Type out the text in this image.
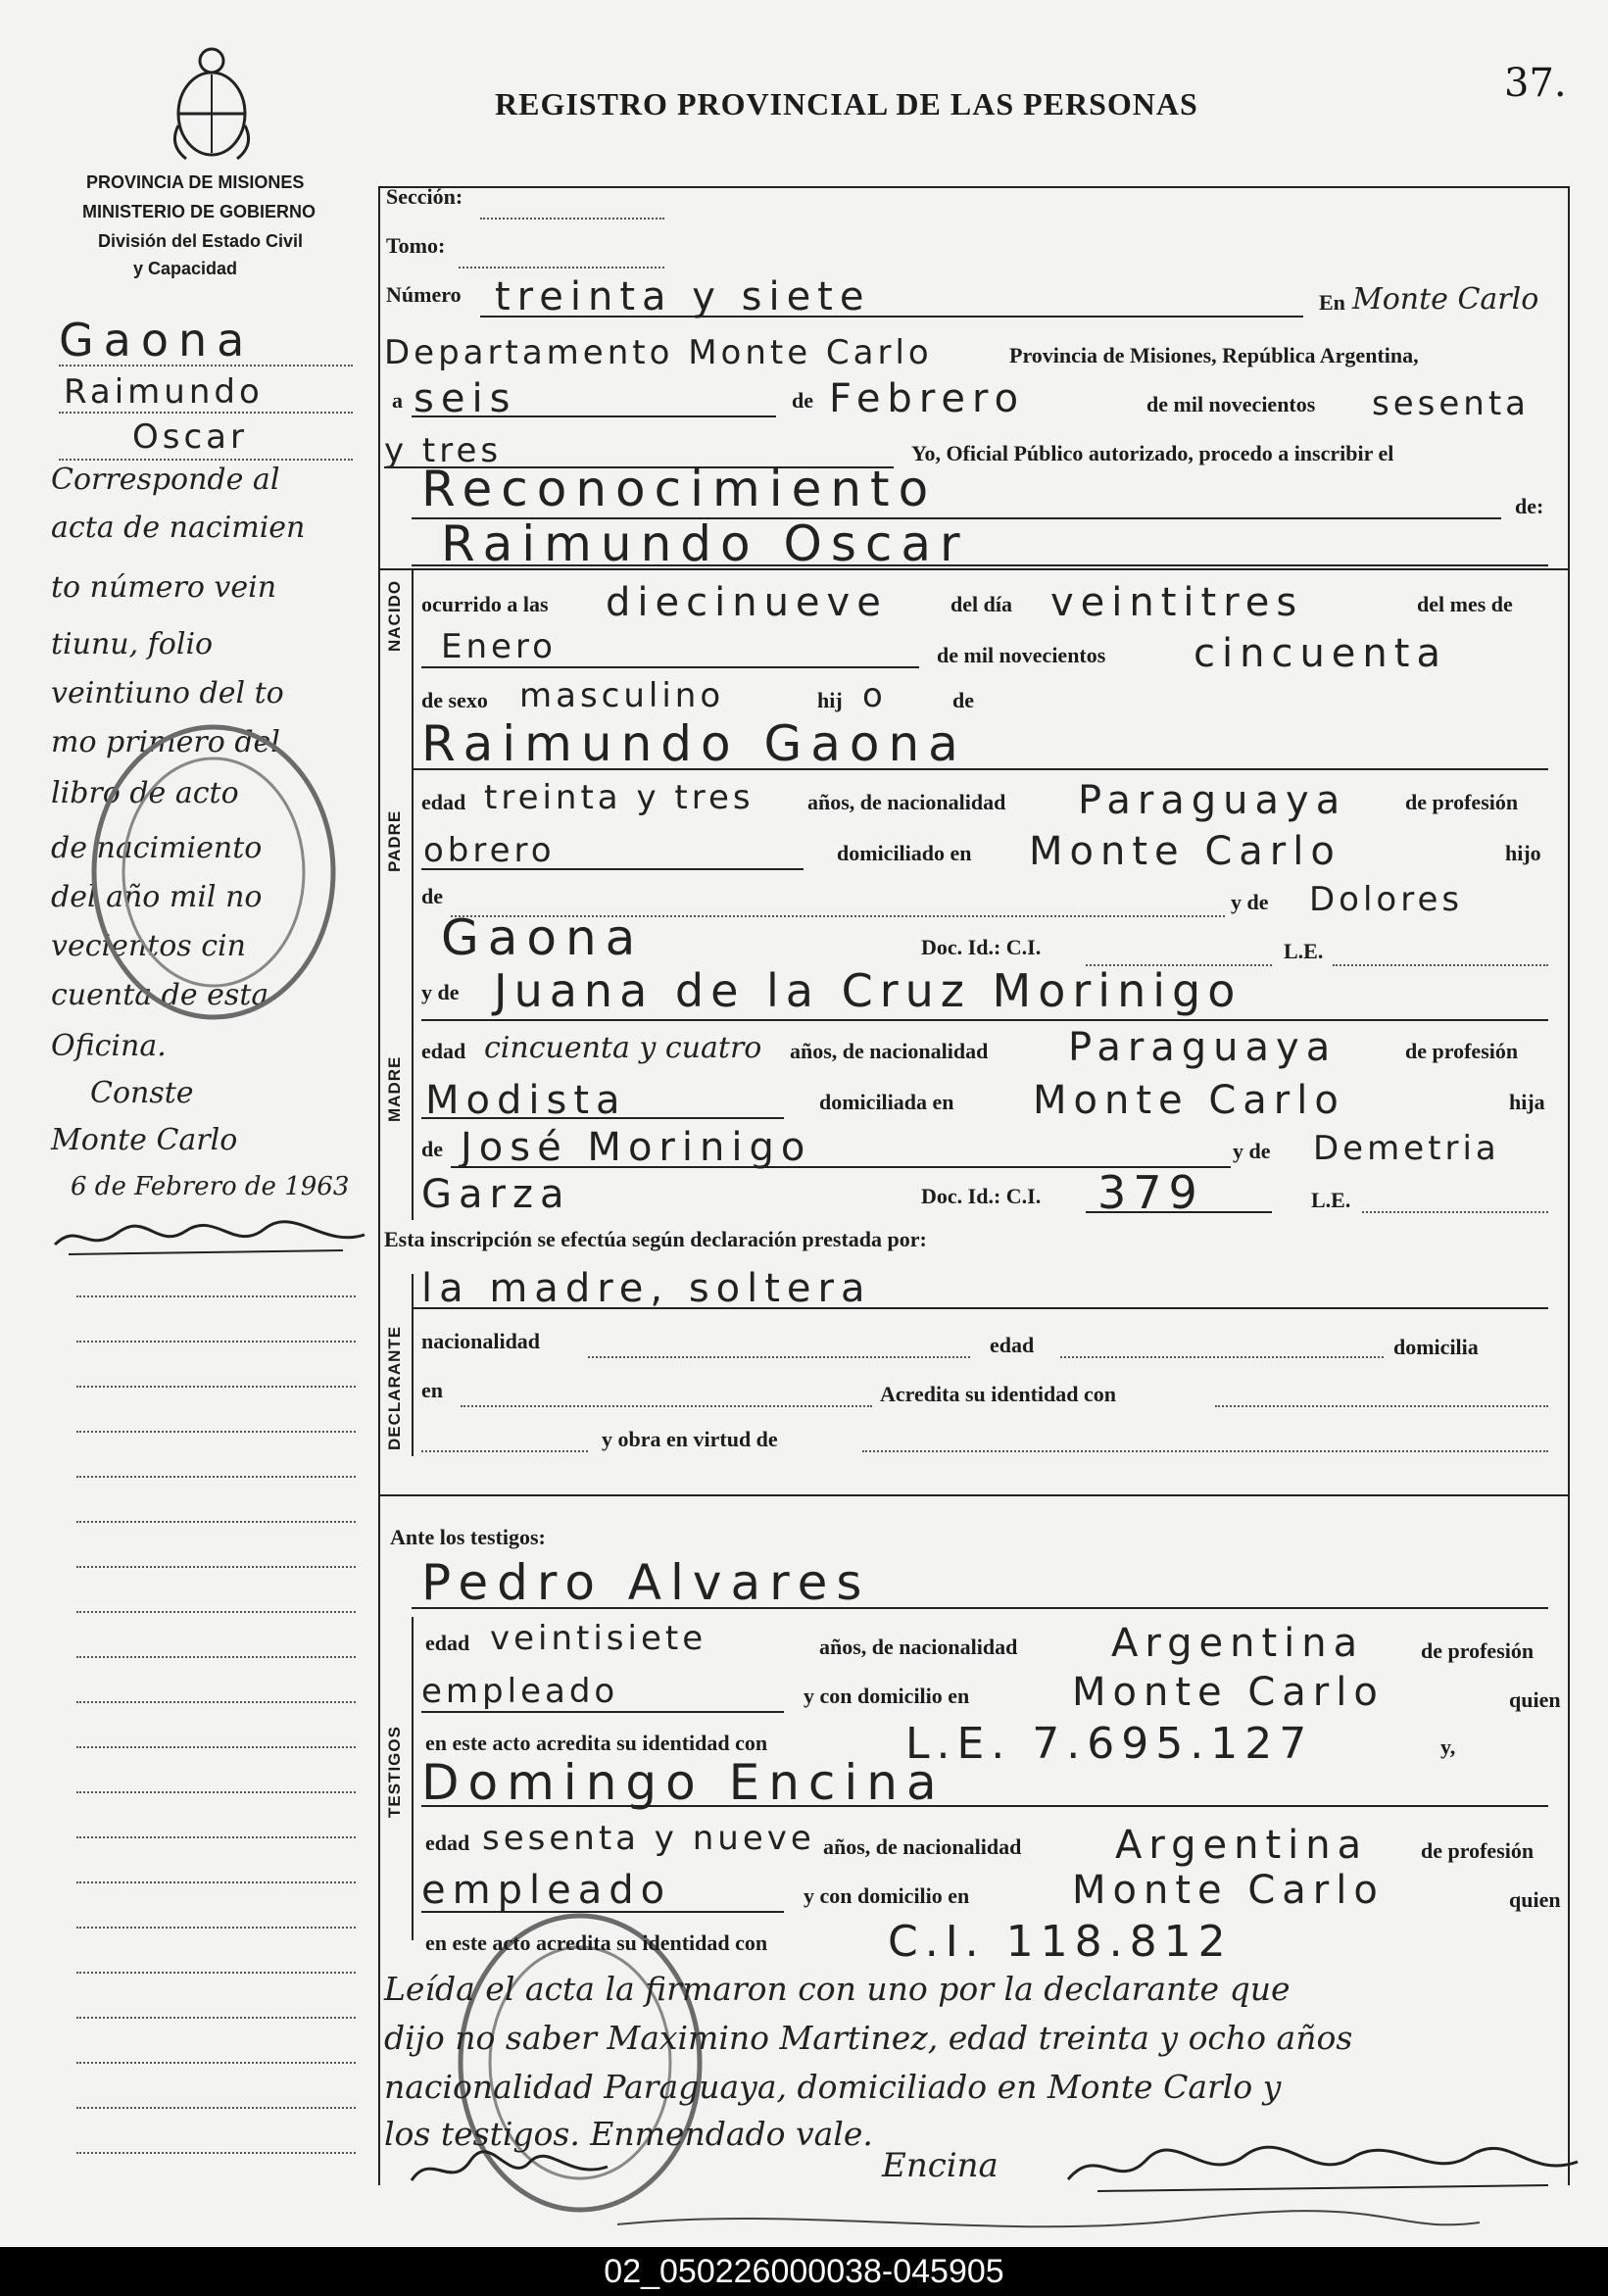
REGISTRO PROVINCIAL DE LAS PERSONAS	37.
PROVINCIA DE MISIONES
MINISTERIO DE GOBIERNO
División del Estado Civil
y Capacidad
NACIDO
PADRE
MADRE
DECLARANTE
TESTIGOS
Gaona
Raimundo
Oscar
Corresponde al
acta de nacimien
to número vein
tiunu, folio
veintiuno del to
mo primero del
libro de acto
de nacimiento
del año mil no
vecientos cin
cuenta de esta
Oficina.
Conste
Monte Carlo
6 de Febrero de 1963
Sección:
Tomo:
Número treinta y siete	En Monte Carlo
Departamento Monte Carlo	Provincia de Misiones, República Argentina,
a seis	de Febrero	de mil novecientos sesenta
y tres	Yo, Oficial Público autorizado, procedo a inscribir el
Reconocimiento	de:
Raimundo Oscar
ocurrido a las diecinueve	del día veintitres	del mes de
Enero	de mil novecientos cincuenta
de sexo masculino	hij o	de
Raimundo Gaona
edad treinta y tres años, de nacionalidad Paraguaya	de profesión
obrero	domiciliado en Monte Carlo	hijo
de	y de Dolores
Gaona	Doc. Id.: C.I.	L.E.
y de Juana de la Cruz Morinigo
edad cincuenta y cuatro años, de nacionalidad Paraguaya	de profesión
Modista	domiciliada en Monte Carlo	hija
de José Morinigo	y de Demetria
Garza	Doc. Id.: C.I. 379	L.E.
Esta inscripción se efectúa según declaración prestada por:
la madre, soltera
nacionalidad	edad	domicilia
en	Acredita su identidad con
y obra en virtud de
Ante los testigos:
Pedro Alvares
edad veintisiete	años, de nacionalidad Argentina	de profesión
empleado	y con domicilio en	Monte Carlo	quien
en este acto acredita su identidad con	L.E. 7.695.127	y,
Domingo Encina
edad sesenta y nueve años, de nacionalidad Argentina de profesión
empleado	y con domicilio en	Monte Carlo	quien
en este acto acredita su identidad con	C.I. 118.812
Leída el acta la firmaron con uno por la declarante que
dijo no saber Maximino Martinez, edad treinta y ocho años
nacionalidad Paraguaya, domiciliado en Monte Carlo y
los testigos. Enmendado vale.
Encina
02_050226000038-045905
